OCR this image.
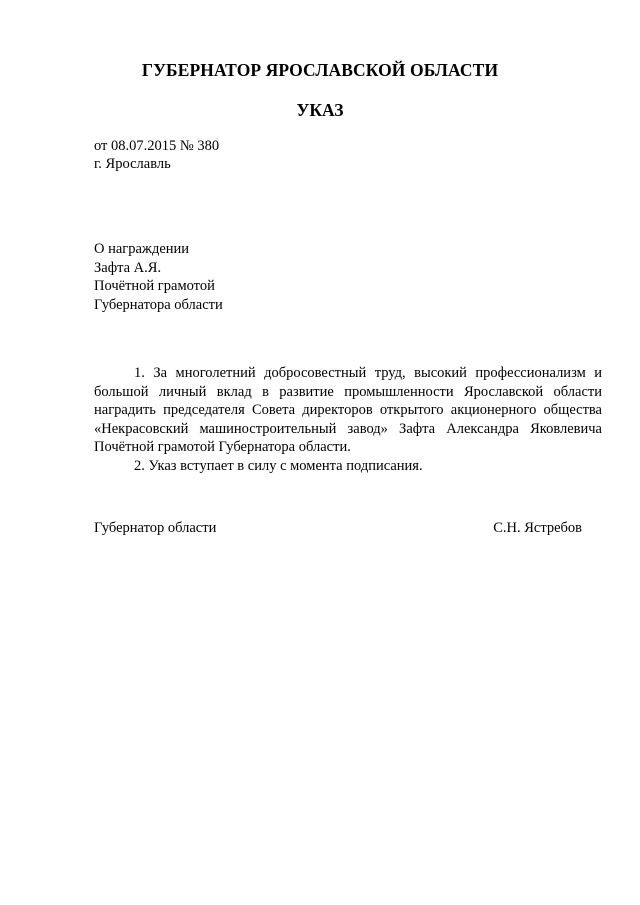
ГУБЕРНАТОР ЯРОСЛАВСКОЙ ОБЛАСТИ
УКАЗ
от 08.07.2015 № 380
г. Ярославль
О награждении
Зафта А.Я.
Почётной грамотой
Губернатора области

1. За многолетний добросовестный труд, высокий профессионализм и большой личный вклад в развитие промышленности Ярославской области наградить председателя Совета директоров открытого акционерного общества «Некрасовский машиностроительный завод» Зафта Александра Яковлевича Почётной грамотой Губернатора области.

2. Указ вступает в силу с момента подписания.

Губернатор области	С.Н. Ястребов
